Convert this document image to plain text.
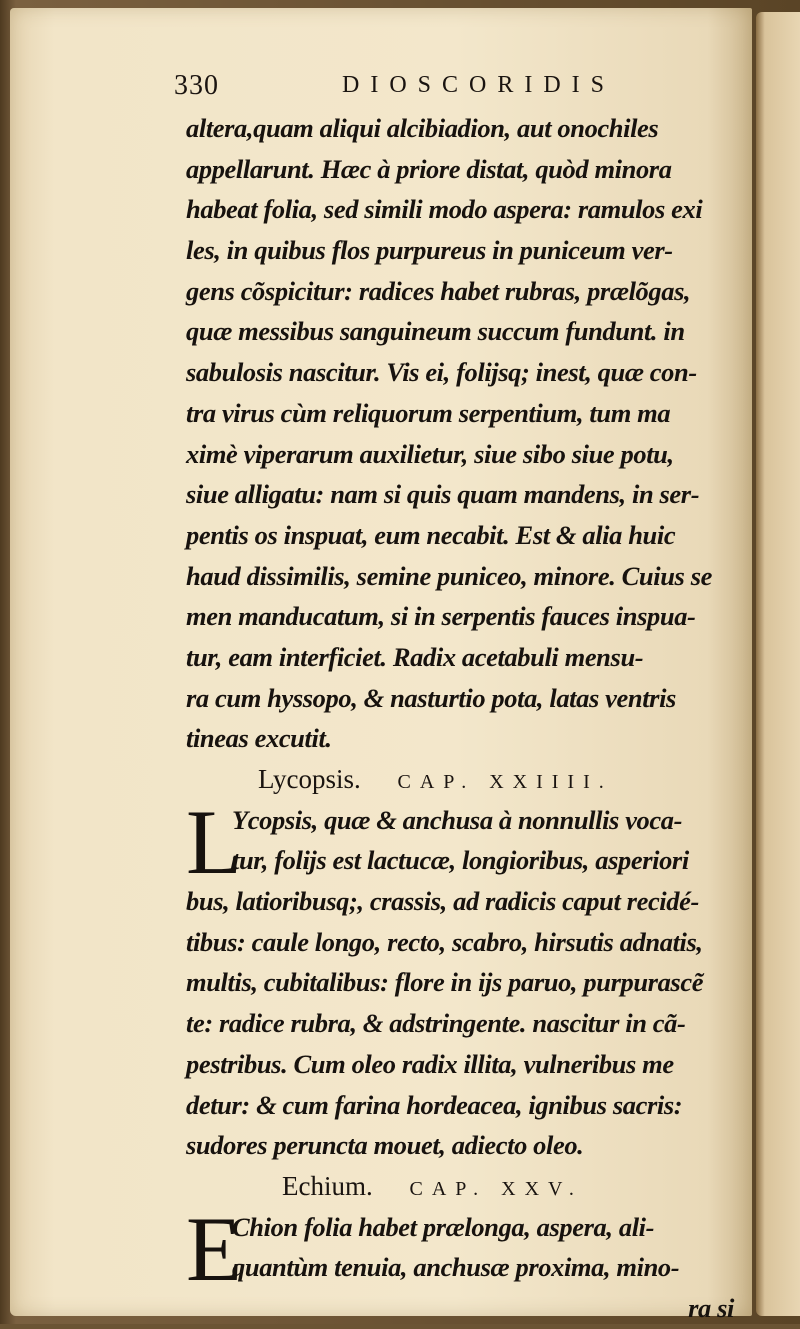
330	DIOSCORIDIS
altera,quam aliqui alcibiadion, aut onochiles
appellarunt. Hæc à priore distat, quòd minora
habeat folia, sed simili modo aspera: ramulos exi
les, in quibus flos purpureus in puniceum ver-
gens cõspicitur: radices habet rubras, prælõgas,
quæ messibus sanguineum succum fundunt. in
sabulosis nascitur. Vis ei, folijsq; inest, quæ con-
tra virus cùm reliquorum serpentium, tum ma
ximè viperarum auxilietur, siue sibo siue potu,
siue alligatu: nam si quis quam mandens, in ser-
pentis os inspuat, eum necabit. Est & alia huic
haud dissimilis, semine puniceo, minore. Cuius se
men manducatum, si in serpentis fauces inspua-
tur, eam interficiet. Radix acetabuli mensu-
ra cum hyssopo, & nasturtio pota, latas ventris
tineas excutit.
Lycopsis. CAP. XXIIII.
L
Ycopsis, quæ & anchusa à nonnullis voca-
tur, folijs est lactucæ, longioribus, asperiori
bus, latioribusq;, crassis, ad radicis caput recidé-
tibus: caule longo, recto, scabro, hirsutis adnatis,
multis, cubitalibus: flore in ijs paruo, purpurascẽ
te: radice rubra, & adstringente. nascitur in cã-
pestribus. Cum oleo radix illita, vulneribus me
detur: & cum farina hordeacea, ignibus sacris:
sudores peruncta mouet, adiecto oleo.
Echium. CAP. XXV.
E
Chion folia habet prælonga, aspera, ali-
quantùm tenuia, anchusæ proxima, mino-
ra si
